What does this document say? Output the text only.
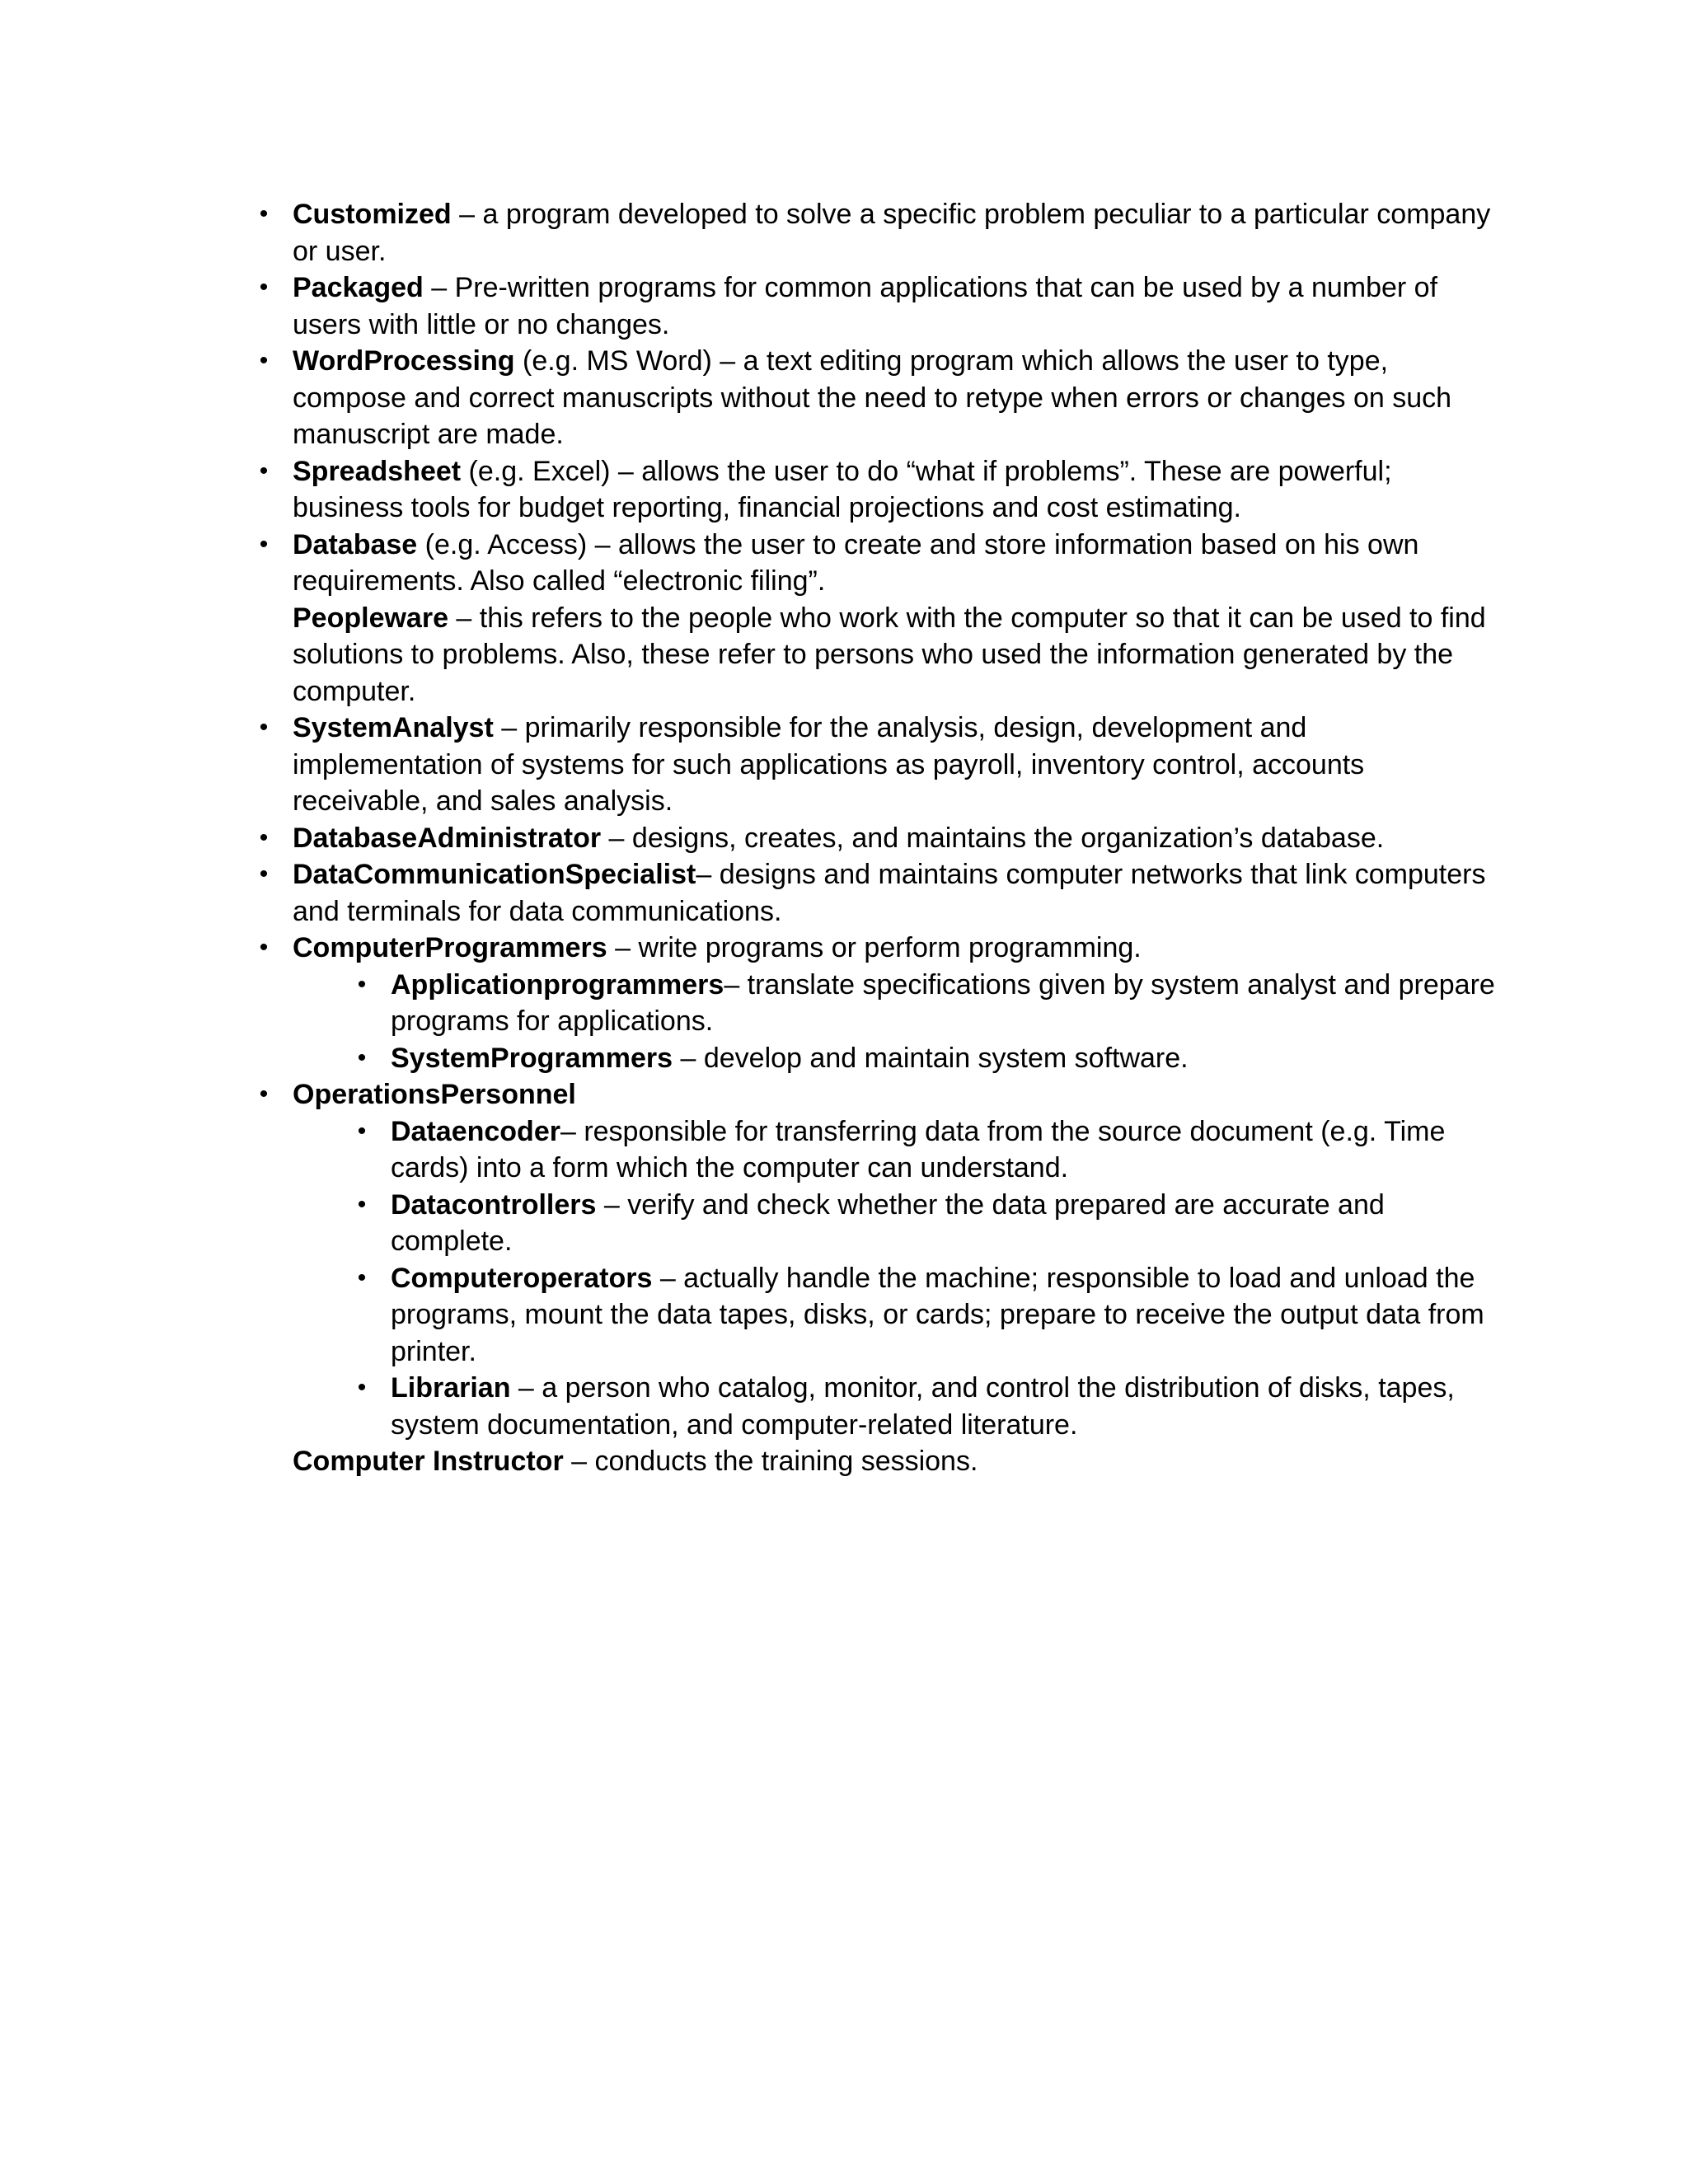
• Customized – a program developed to solve a specific problem peculiar to a particular company or user.

• Packaged – Pre-written programs for common applications that can be used by a number of users with little or no changes.

• WordProcessing (e.g. MS Word) – a text editing program which allows the user to type, compose and correct manuscripts without the need to retype when errors or changes on such manuscript are made.

• Spreadsheet (e.g. Excel) – allows the user to do “what if problems”. These are powerful; business tools for budget reporting, financial projections and cost estimating.

• Database (e.g. Access) – allows the user to create and store information based on his own requirements. Also called “electronic filing”.

Peopleware – this refers to the people who work with the computer so that it can be used to find solutions to problems. Also, these refer to persons who used the information generated by the computer.

• SystemAnalyst – primarily responsible for the analysis, design, development and implementation of systems for such applications as payroll, inventory control, accounts receivable, and sales analysis.

• DatabaseAdministrator – designs, creates, and maintains the organization’s database.

• DataCommunicationSpecialist– designs and maintains computer networks that link computers and terminals for data communications.

• ComputerProgrammers – write programs or perform programming.

• Applicationprogrammers– translate specifications given by system analyst and prepare programs for applications.

• SystemProgrammers – develop and maintain system software.

• OperationsPersonnel

• Dataencoder– responsible for transferring data from the source document (e.g. Time cards) into a form which the computer can understand.

• Datacontrollers – verify and check whether the data prepared are accurate and complete.

• Computeroperators – actually handle the machine; responsible to load and unload the programs, mount the data tapes, disks, or cards; prepare to receive the output data from printer.

• Librarian – a person who catalog, monitor, and control the distribution of disks, tapes, system documentation, and computer-related literature.

Computer Instructor – conducts the training sessions.
